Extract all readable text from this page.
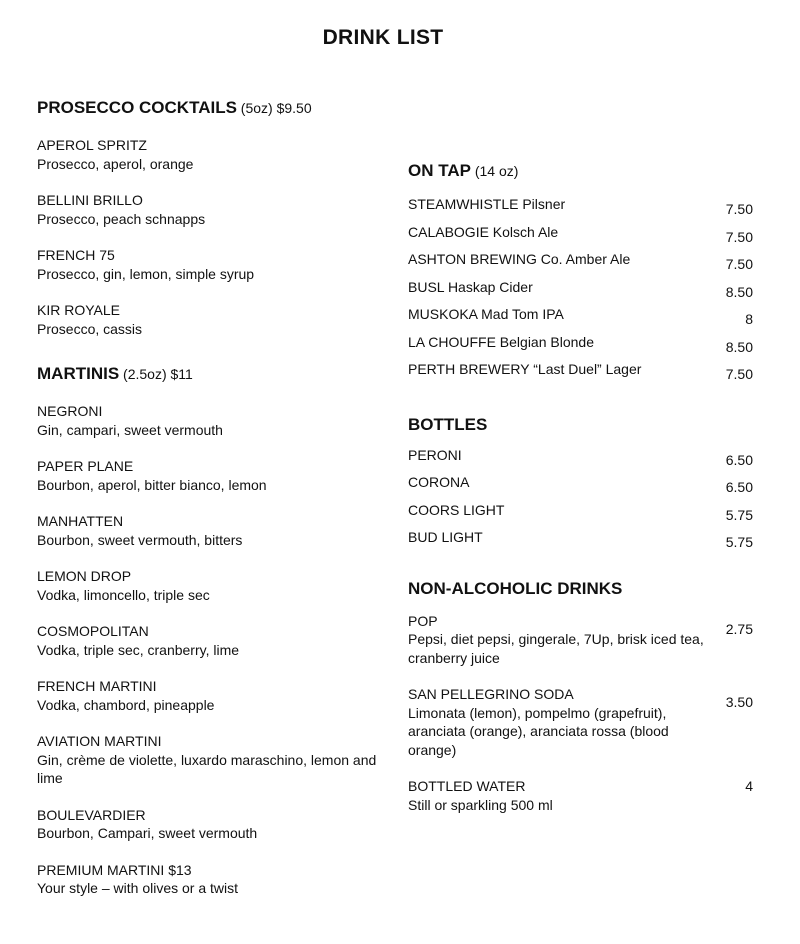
DRINK LIST
PROSECCO COCKTAILS (5oz) $9.50
APEROL SPRITZ
Prosecco, aperol, orange
BELLINI BRILLO
Prosecco, peach schnapps
FRENCH 75
Prosecco, gin, lemon, simple syrup
KIR ROYALE
Prosecco, cassis
MARTINIS (2.5oz) $11
NEGRONI
Gin, campari, sweet vermouth
PAPER PLANE
Bourbon, aperol, bitter bianco, lemon
MANHATTEN
Bourbon, sweet vermouth, bitters
LEMON DROP
Vodka, limoncello, triple sec
COSMOPOLITAN
Vodka, triple sec, cranberry, lime
FRENCH MARTINI
Vodka, chambord, pineapple
AVIATION MARTINI
Gin, crème de violette, luxardo maraschino, lemon and lime
BOULEVARDIER
Bourbon, Campari, sweet vermouth
PREMIUM MARTINI $13
Your style – with olives or a twist
ON TAP (14 oz)
STEAMWHISTLE Pilsner	7.50
CALABOGIE Kolsch Ale	7.50
ASHTON BREWING Co. Amber Ale	7.50
BUSL Haskap Cider	8.50
MUSKOKA Mad Tom IPA	8
LA CHOUFFE Belgian Blonde	8.50
PERTH BREWERY “Last Duel” Lager	7.50
BOTTLES
PERONI	6.50
CORONA	6.50
COORS LIGHT	5.75
BUD LIGHT	5.75
NON-ALCOHOLIC DRINKS
POP
Pepsi, diet pepsi, gingerale, 7Up, brisk iced tea, cranberry juice
2.75
SAN PELLEGRINO SODA
Limonata (lemon), pompelmo (grapefruit), aranciata (orange), aranciata rossa (blood orange)
3.50
BOTTLED WATER
Still or sparkling 500 ml
4
